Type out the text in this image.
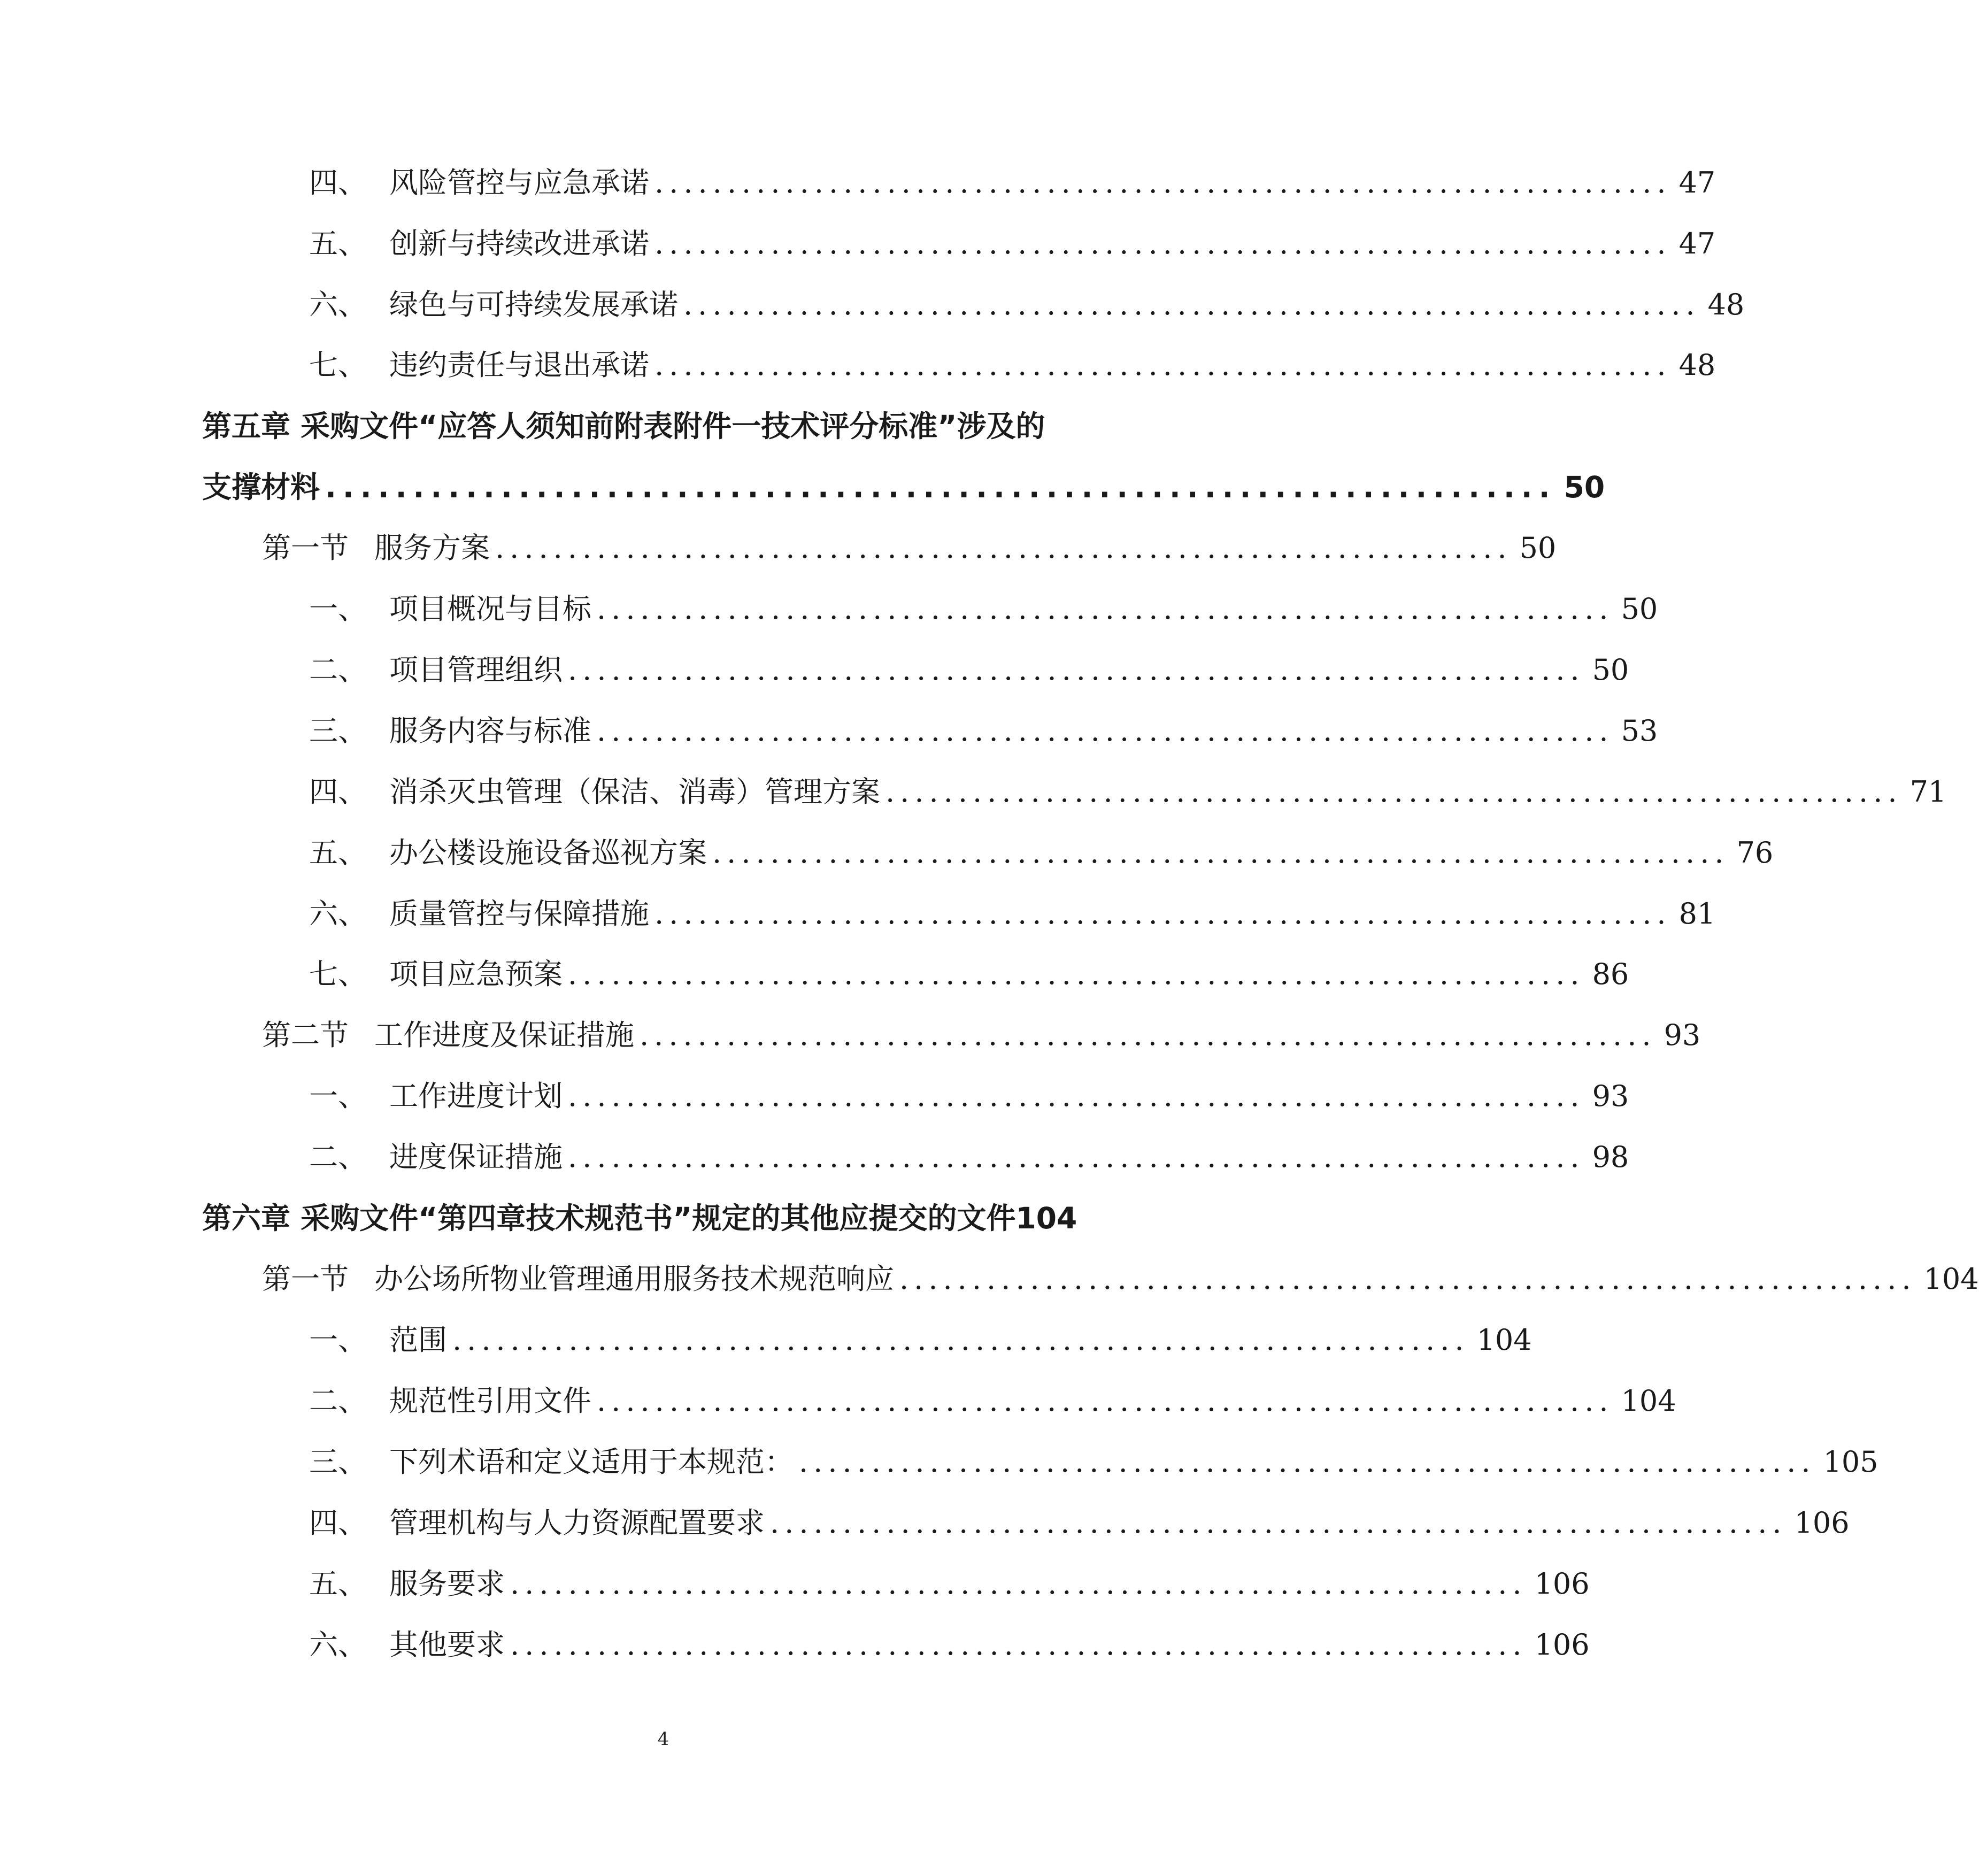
四、 风险管控与应急承诺 ...................................................................... 47
五、 创新与持续改进承诺 ...................................................................... 47
六、 绿色与可持续发展承诺 ...................................................................... 48
七、 违约责任与退出承诺 ...................................................................... 48
第五章 采购文件“应答人须知前附表附件一技术评分标准”涉及的
支撑材料 ...................................................................... 50
第一节 服务方案 ...................................................................... 50
一、 项目概况与目标 ...................................................................... 50
二、 项目管理组织 ...................................................................... 50
三、 服务内容与标准 ...................................................................... 53
四、 消杀灭虫管理（保洁、消毒）管理方案 ...................................................................... 71
五、 办公楼设施设备巡视方案 ...................................................................... 76
六、 质量管控与保障措施 ...................................................................... 81
七、 项目应急预案 ...................................................................... 86
第二节 工作进度及保证措施 ...................................................................... 93
一、 工作进度计划 ...................................................................... 93
二、 进度保证措施 ...................................................................... 98
第六章 采购文件“第四章技术规范书”规定的其他应提交的文件 104
第一节 办公场所物业管理通用服务技术规范响应 ...................................................................... 104
一、 范围 ...................................................................... 104
二、 规范性引用文件 ...................................................................... 104
三、 下列术语和定义适用于本规范： ...................................................................... 105
四、 管理机构与人力资源配置要求 ...................................................................... 106
五、 服务要求 ...................................................................... 106
六、 其他要求 ...................................................................... 106
4
